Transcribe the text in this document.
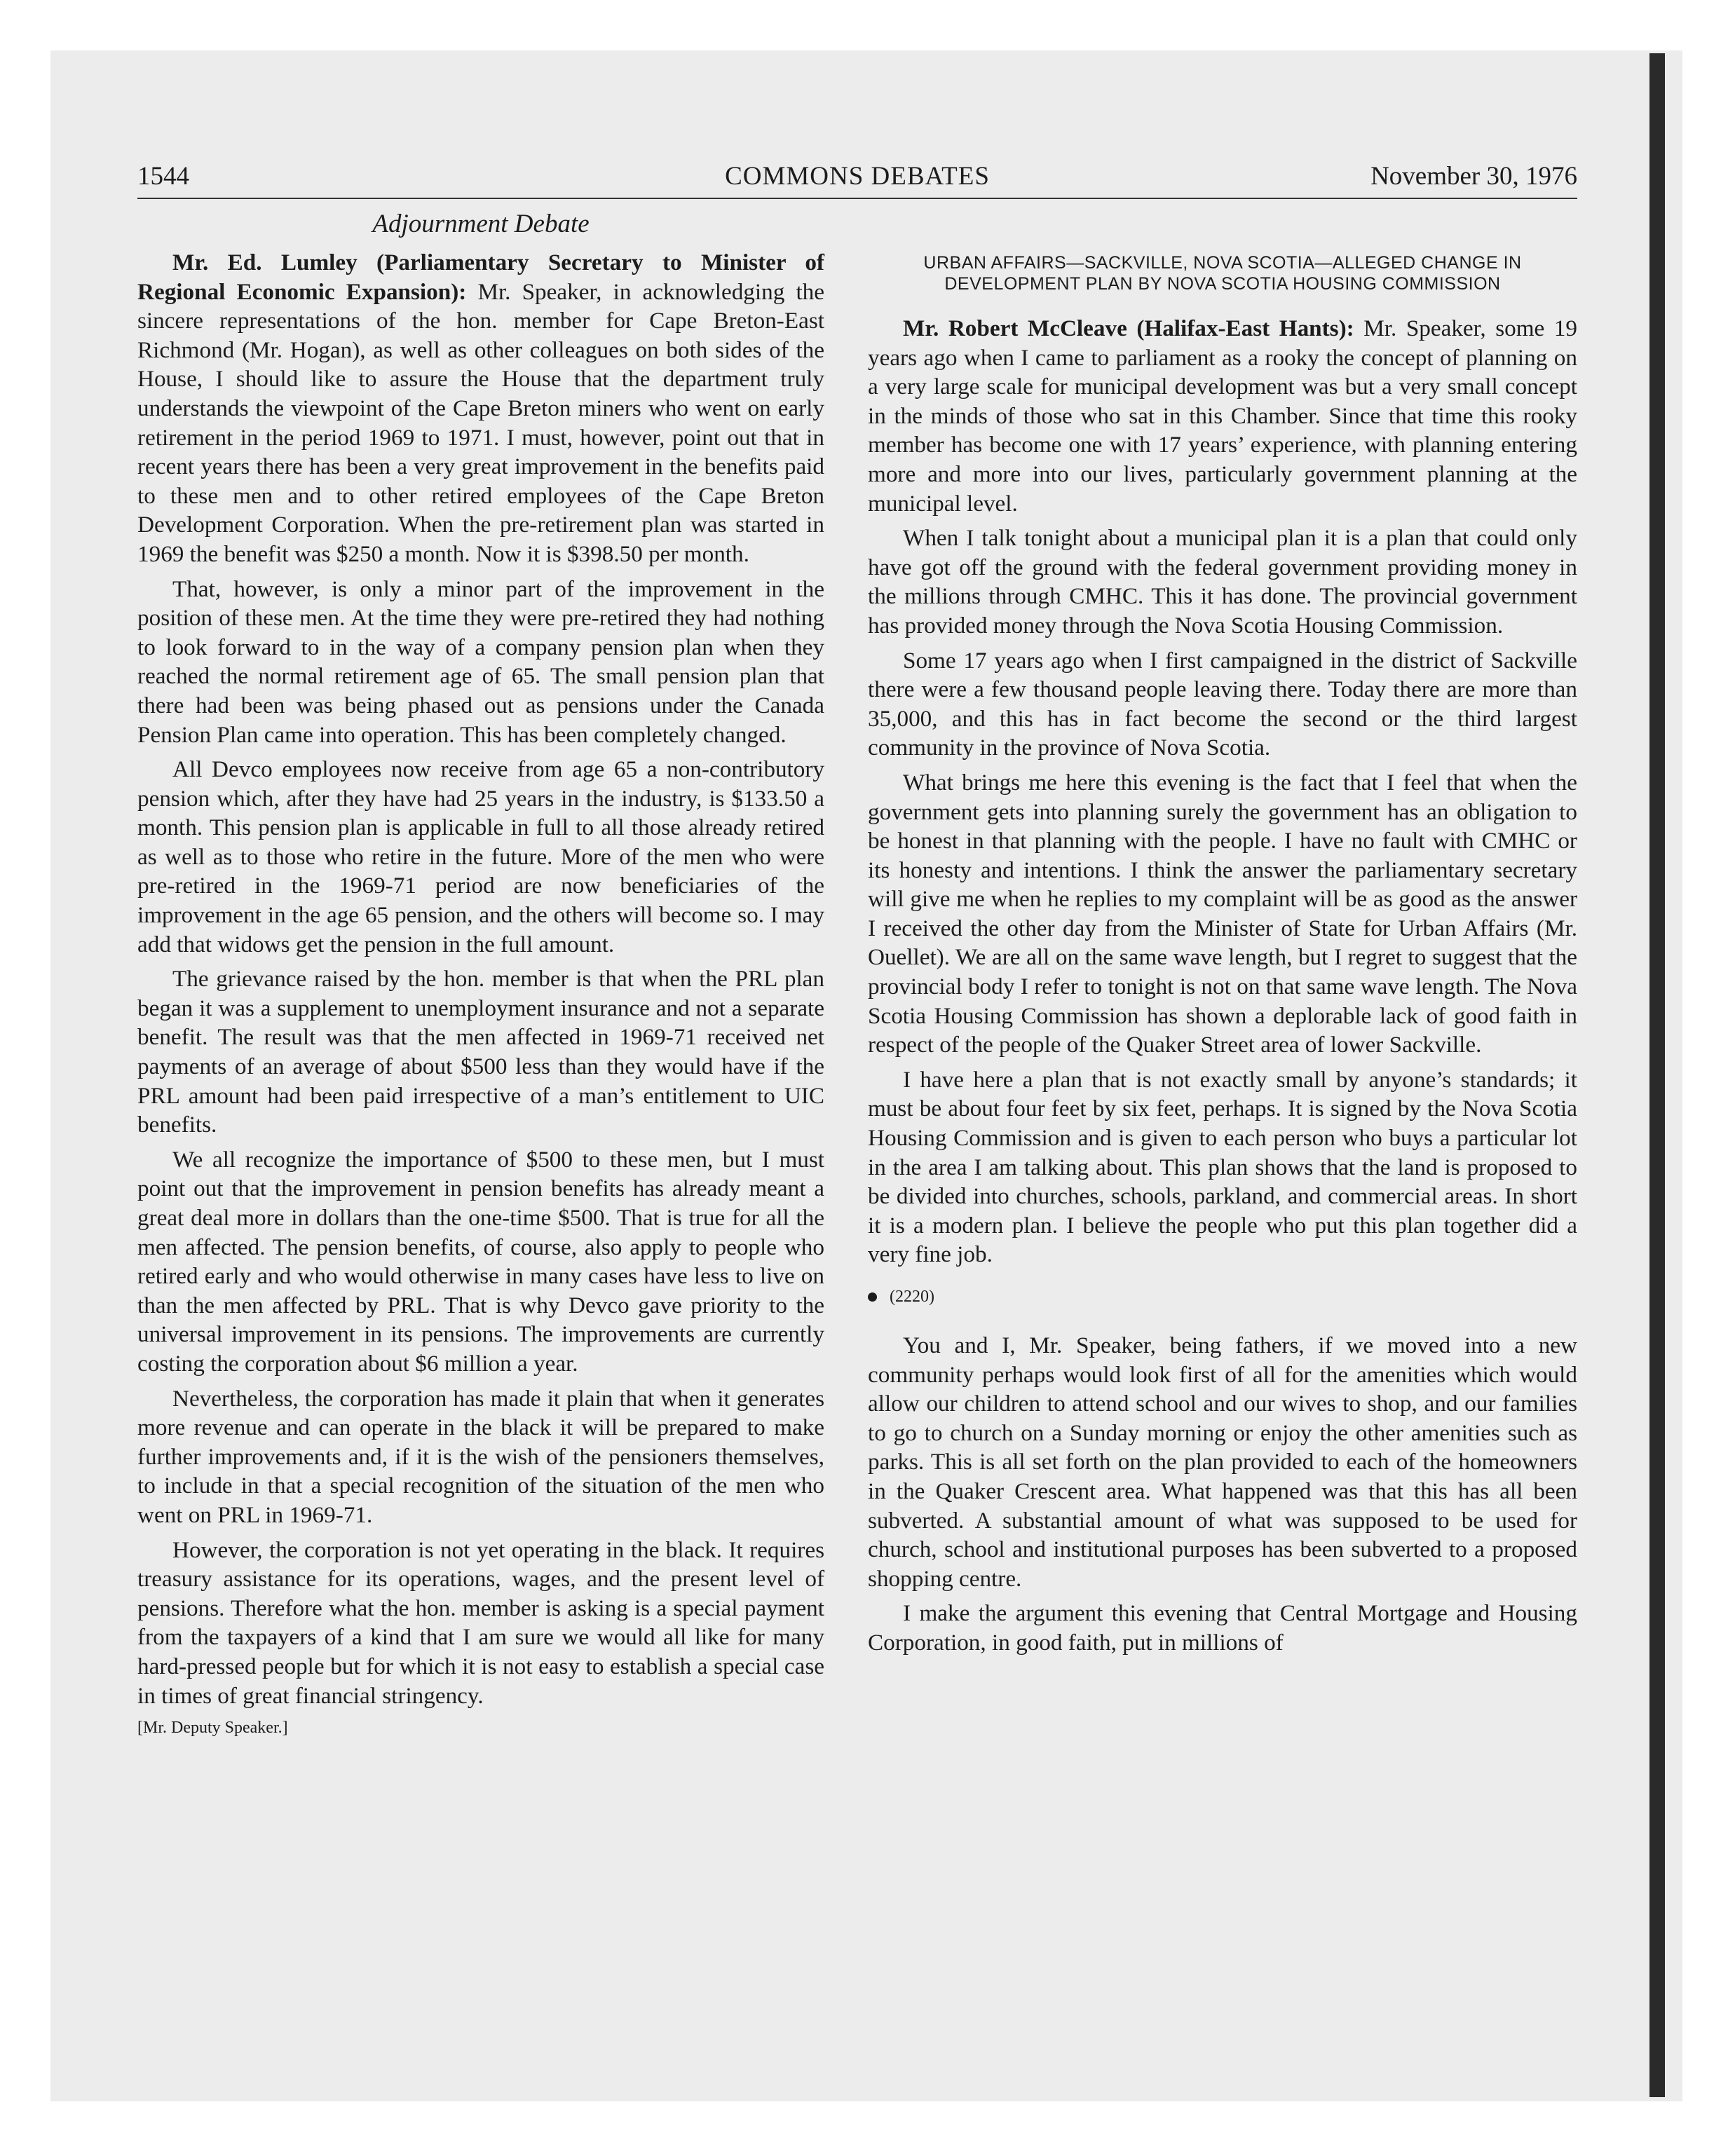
1544	COMMONS DEBATES	November 30, 1976
Adjournment Debate

Mr. Ed. Lumley (Parliamentary Secretary to Minister of Regional Economic Expansion): Mr. Speaker, in acknowledging the sincere representations of the hon. member for Cape Breton-East Richmond (Mr. Hogan), as well as other colleagues on both sides of the House, I should like to assure the House that the department truly understands the viewpoint of the Cape Breton miners who went on early retirement in the period 1969 to 1971. I must, however, point out that in recent years there has been a very great improvement in the benefits paid to these men and to other retired employees of the Cape Breton Development Corporation. When the pre-retirement plan was started in 1969 the benefit was $250 a month. Now it is $398.50 per month.

That, however, is only a minor part of the improvement in the position of these men. At the time they were pre-retired they had nothing to look forward to in the way of a company pension plan when they reached the normal retirement age of 65. The small pension plan that there had been was being phased out as pensions under the Canada Pension Plan came into operation. This has been completely changed.

All Devco employees now receive from age 65 a non-contributory pension which, after they have had 25 years in the industry, is $133.50 a month. This pension plan is applicable in full to all those already retired as well as to those who retire in the future. More of the men who were pre-retired in the 1969-71 period are now beneficiaries of the improvement in the age 65 pension, and the others will become so. I may add that widows get the pension in the full amount.

The grievance raised by the hon. member is that when the PRL plan began it was a supplement to unemployment insurance and not a separate benefit. The result was that the men affected in 1969-71 received net payments of an average of about $500 less than they would have if the PRL amount had been paid irrespective of a man’s entitlement to UIC benefits.

We all recognize the importance of $500 to these men, but I must point out that the improvement in pension benefits has already meant a great deal more in dollars than the one-time $500. That is true for all the men affected. The pension benefits, of course, also apply to people who retired early and who would otherwise in many cases have less to live on than the men affected by PRL. That is why Devco gave priority to the universal improvement in its pensions. The improvements are currently costing the corporation about $6 million a year.

Nevertheless, the corporation has made it plain that when it generates more revenue and can operate in the black it will be prepared to make further improvements and, if it is the wish of the pensioners themselves, to include in that a special recognition of the situation of the men who went on PRL in 1969-71.

However, the corporation is not yet operating in the black. It requires treasury assistance for its operations, wages, and the present level of pensions. Therefore what the hon. member is asking is a special payment from the taxpayers of a kind that I am sure we would all like for many hard-pressed people but for which it is not easy to establish a special case in times of great financial stringency.

[Mr. Deputy Speaker.]
URBAN AFFAIRS—SACKVILLE, NOVA SCOTIA—ALLEGED CHANGE IN DEVELOPMENT PLAN BY NOVA SCOTIA HOUSING COMMISSION

Mr. Robert McCleave (Halifax-East Hants): Mr. Speaker, some 19 years ago when I came to parliament as a rooky the concept of planning on a very large scale for municipal development was but a very small concept in the minds of those who sat in this Chamber. Since that time this rooky member has become one with 17 years’ experience, with planning entering more and more into our lives, particularly government planning at the municipal level.

When I talk tonight about a municipal plan it is a plan that could only have got off the ground with the federal government providing money in the millions through CMHC. This it has done. The provincial government has provided money through the Nova Scotia Housing Commission.

Some 17 years ago when I first campaigned in the district of Sackville there were a few thousand people leaving there. Today there are more than 35,000, and this has in fact become the second or the third largest community in the province of Nova Scotia.

What brings me here this evening is the fact that I feel that when the government gets into planning surely the government has an obligation to be honest in that planning with the people. I have no fault with CMHC or its honesty and intentions. I think the answer the parliamentary secretary will give me when he replies to my complaint will be as good as the answer I received the other day from the Minister of State for Urban Affairs (Mr. Ouellet). We are all on the same wave length, but I regret to suggest that the provincial body I refer to tonight is not on that same wave length. The Nova Scotia Housing Commission has shown a deplorable lack of good faith in respect of the people of the Quaker Street area of lower Sackville.

I have here a plan that is not exactly small by anyone’s standards; it must be about four feet by six feet, perhaps. It is signed by the Nova Scotia Housing Commission and is given to each person who buys a particular lot in the area I am talking about. This plan shows that the land is proposed to be divided into churches, schools, parkland, and commercial areas. In short it is a modern plan. I believe the people who put this plan together did a very fine job.

(2220)

You and I, Mr. Speaker, being fathers, if we moved into a new community perhaps would look first of all for the amenities which would allow our children to attend school and our wives to shop, and our families to go to church on a Sunday morning or enjoy the other amenities such as parks. This is all set forth on the plan provided to each of the homeowners in the Quaker Crescent area. What happened was that this has all been subverted. A substantial amount of what was supposed to be used for church, school and institutional purposes has been subverted to a proposed shopping centre.

I make the argument this evening that Central Mortgage and Housing Corporation, in good faith, put in millions of
